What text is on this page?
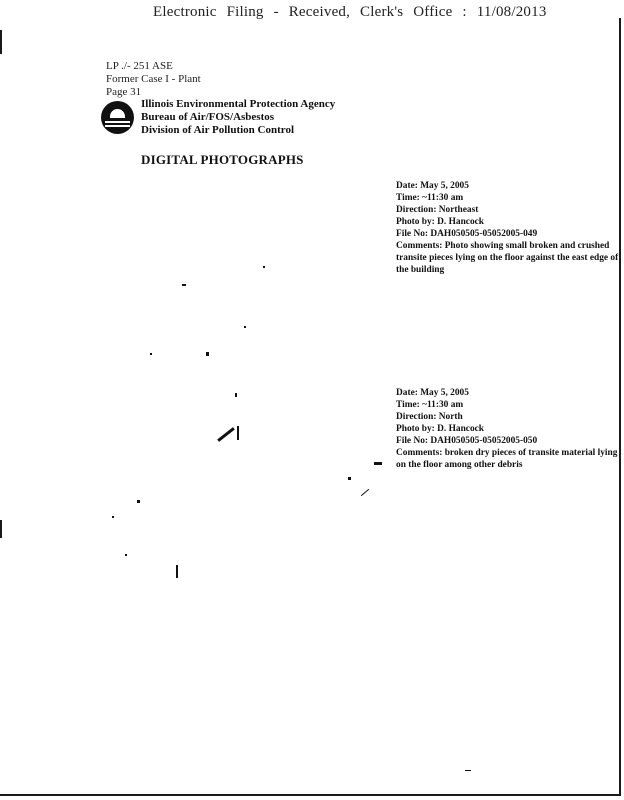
Electronic Filing - Received, Clerk's Office : 11/08/2013
LP ./- 251 ASE
Former Case I - Plant
Page 31
Illinois Environmental Protection Agency
Bureau of Air/FOS/Asbestos
Division of Air Pollution Control
DIGITAL PHOTOGRAPHS
Date: May 5, 2005
Time: ~11:30 am
Direction: Northeast
Photo by: D. Hancock
File No: DAH050505-05052005-049
Comments: Photo showing small broken and crushed transite pieces lying on the floor against the east edge of the building
Date: May 5, 2005
Time: ~11:30 am
Direction: North
Photo by: D. Hancock
File No: DAH050505-05052005-050
Comments: broken dry pieces of transite material lying on the floor among other debris
